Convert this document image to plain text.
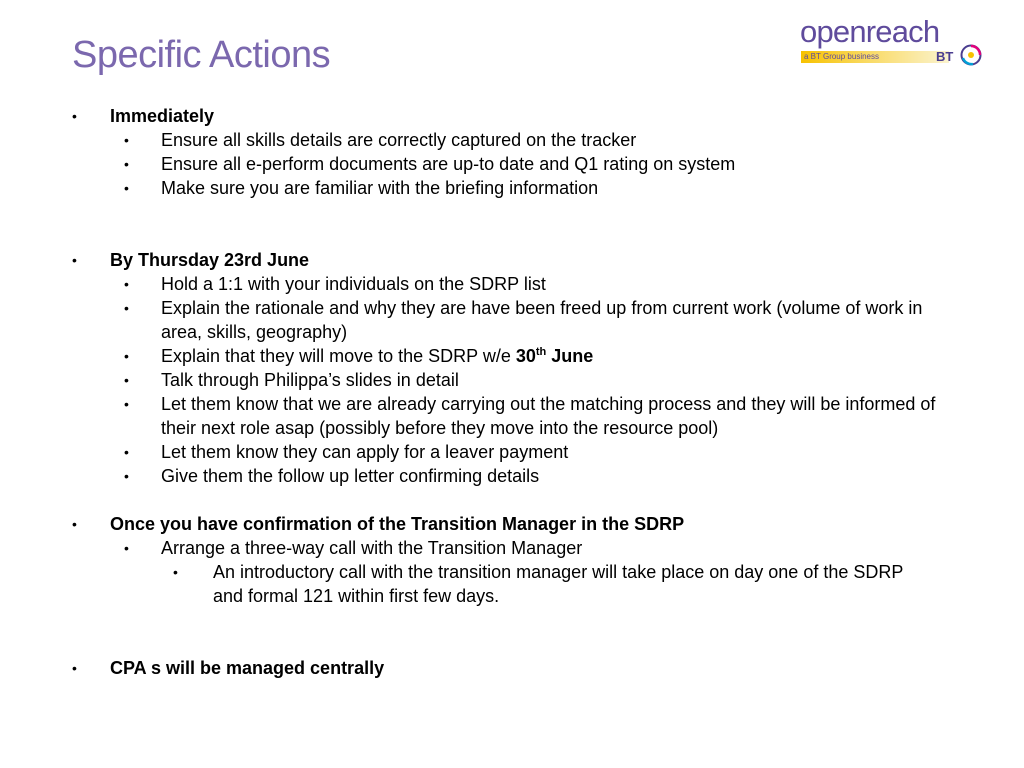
Specific Actions
openreach
a BT Group business	BT
• Immediately
• Ensure all skills details are correctly captured on the tracker
• Ensure all e-perform documents are up-to date and Q1 rating on system
• Make sure you are familiar with the briefing information
• By Thursday 23rd June
• Hold a 1:1 with your individuals on the SDRP list
• Explain the rationale and why they are have been freed up from current work (volume of work in area, skills, geography)
• Explain that they will move to the SDRP w/e 30th June
• Talk through Philippa’s slides in detail
• Let them know that we are already carrying out the matching process and they will be informed of their next role asap (possibly before they move into the resource pool)
• Let them know they can apply for a leaver payment
• Give them the follow up letter confirming details
• Once you have confirmation of the Transition Manager in the SDRP
• Arrange a three-way call with the Transition Manager
• An introductory call with the transition manager will take place on day one of the SDRP and formal 121 within first few days.
• CPA s will be managed centrally
